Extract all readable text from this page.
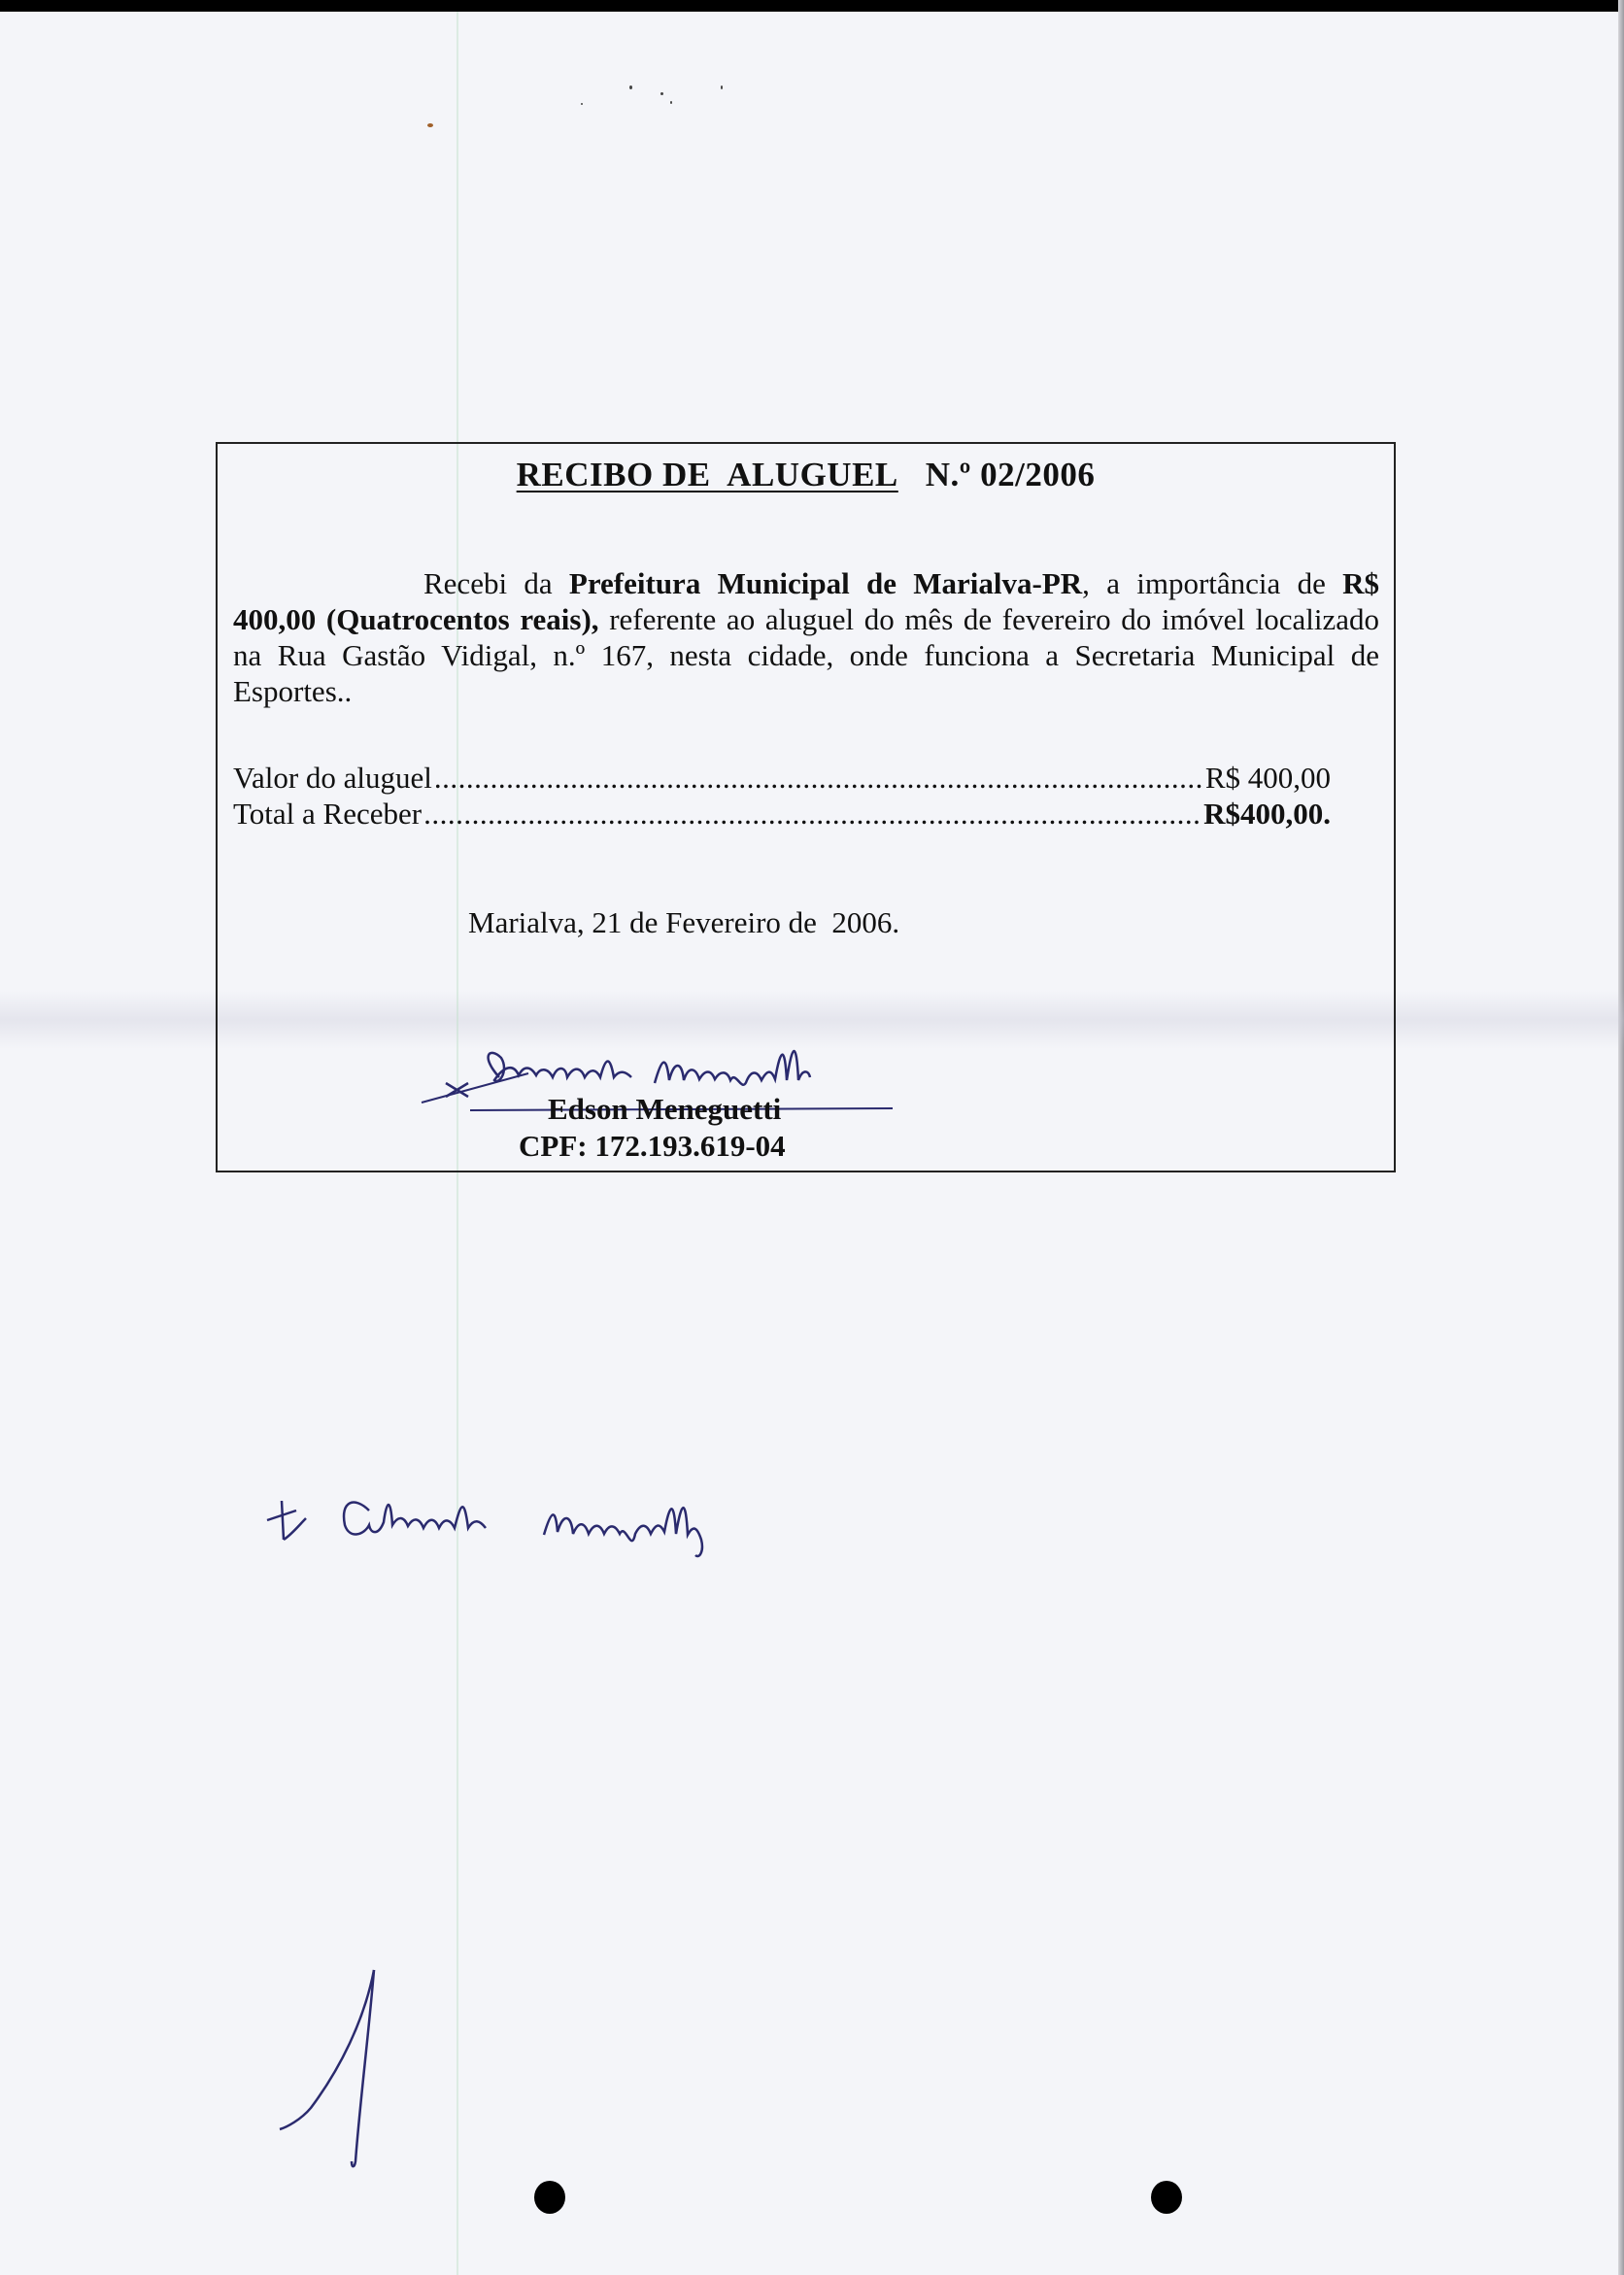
RECIBO DE  ALUGUEL N.º 02/2006

Recebi da Prefeitura Municipal de Marialva-PR, a importância de R$ 400,00 (Quatrocentos reais), referente ao aluguel do mês de fevereiro do imóvel localizado na Rua Gastão Vidigal, n.º 167, nesta cidade, onde funciona a Secretaria Municipal de Esportes..

Valor do aluguel .....	R$ 400,00
Total a Receber .....	R$400,00.
Marialva, 21 de Fevereiro de  2006.
Edson Meneguetti
CPF: 172.193.619-04
